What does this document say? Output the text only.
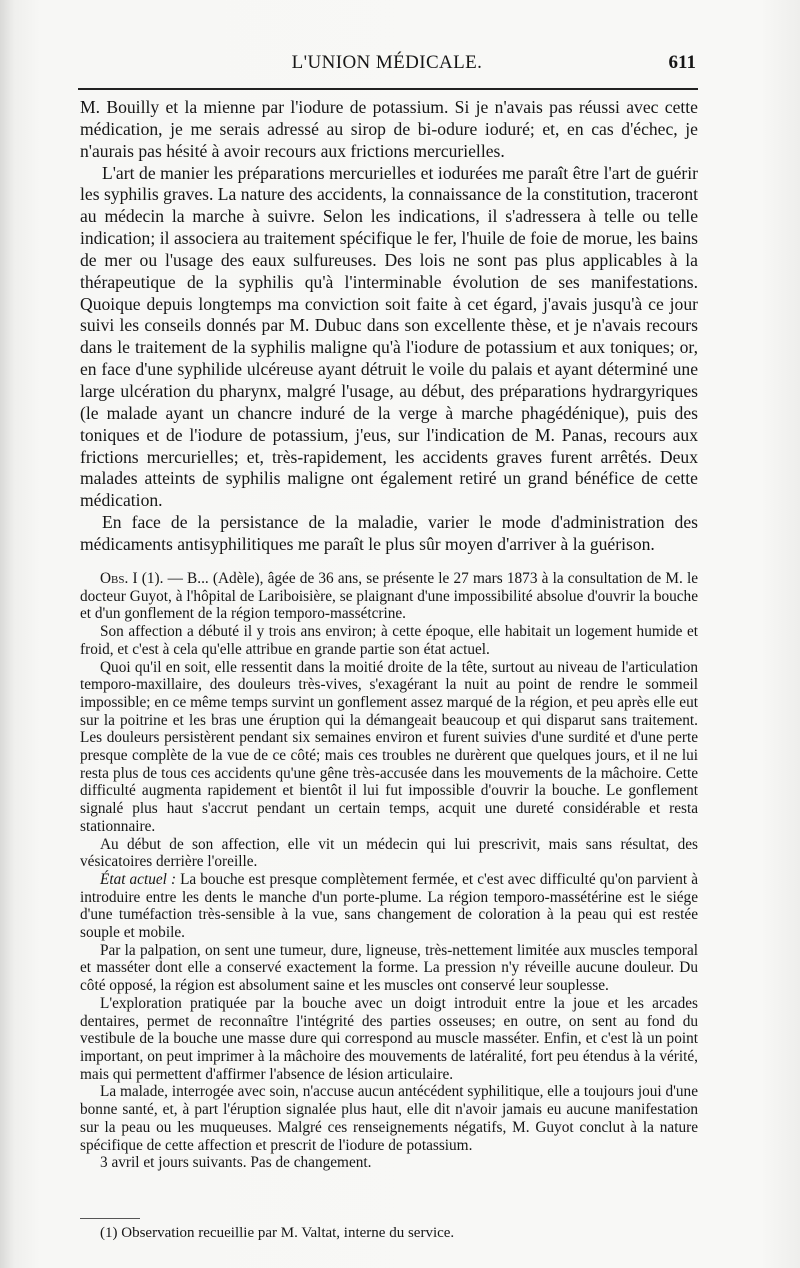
L'UNION MÉDICALE.	611

M. Bouilly et la mienne par l'iodure de potassium. Si je n'avais pas réussi avec cette médication, je me serais adressé au sirop de bi-odure ioduré; et, en cas d'échec, je n'aurais pas hésité à avoir recours aux frictions mercurielles.

L'art de manier les préparations mercurielles et iodurées me paraît être l'art de guérir les syphilis graves. La nature des accidents, la connaissance de la constitution, traceront au médecin la marche à suivre. Selon les indications, il s'adressera à telle ou telle indication; il associera au traitement spécifique le fer, l'huile de foie de morue, les bains de mer ou l'usage des eaux sulfureuses. Des lois ne sont pas plus applicables à la thérapeutique de la syphilis qu'à l'interminable évolution de ses manifestations. Quoique depuis longtemps ma conviction soit faite à cet égard, j'avais jusqu'à ce jour suivi les conseils donnés par M. Dubuc dans son excellente thèse, et je n'avais recours dans le traitement de la syphilis maligne qu'à l'iodure de potassium et aux toniques; or, en face d'une syphilide ulcéreuse ayant détruit le voile du palais et ayant déterminé une large ulcération du pharynx, malgré l'usage, au début, des préparations hydrargyriques (le malade ayant un chancre induré de la verge à marche phagédénique), puis des toniques et de l'iodure de potassium, j'eus, sur l'indication de M. Panas, recours aux frictions mercurielles; et, très-rapidement, les accidents graves furent arrêtés. Deux malades atteints de syphilis maligne ont également retiré un grand bénéfice de cette médication.

En face de la persistance de la maladie, varier le mode d'administration des médicaments antisyphilitiques me paraît le plus sûr moyen d'arriver à la guérison.

Obs. I (1). — B... (Adèle), âgée de 36 ans, se présente le 27 mars 1873 à la consultation de M. le docteur Guyot, à l'hôpital de Lariboisière, se plaignant d'une impossibilité absolue d'ouvrir la bouche et d'un gonflement de la région temporo-massétcrine.

Son affection a débuté il y trois ans environ; à cette époque, elle habitait un logement humide et froid, et c'est à cela qu'elle attribue en grande partie son état actuel.

Quoi qu'il en soit, elle ressentit dans la moitié droite de la tête, surtout au niveau de l'articulation temporo-maxillaire, des douleurs très-vives, s'exagérant la nuit au point de rendre le sommeil impossible; en ce même temps survint un gonflement assez marqué de la région, et peu après elle eut sur la poitrine et les bras une éruption qui la démangeait beaucoup et qui disparut sans traitement. Les douleurs persistèrent pendant six semaines environ et furent suivies d'une surdité et d'une perte presque complète de la vue de ce côté; mais ces troubles ne durèrent que quelques jours, et il ne lui resta plus de tous ces accidents qu'une gêne très-accusée dans les mouvements de la mâchoire. Cette difficulté augmenta rapidement et bientôt il lui fut impossible d'ouvrir la bouche. Le gonflement signalé plus haut s'accrut pendant un certain temps, acquit une dureté considérable et resta stationnaire.

Au début de son affection, elle vit un médecin qui lui prescrivit, mais sans résultat, des vésicatoires derrière l'oreille.

État actuel : La bouche est presque complètement fermée, et c'est avec difficulté qu'on parvient à introduire entre les dents le manche d'un porte-plume. La région temporo-massétérine est le siége d'une tuméfaction très-sensible à la vue, sans changement de coloration à la peau qui est restée souple et mobile.

Par la palpation, on sent une tumeur, dure, ligneuse, très-nettement limitée aux muscles temporal et masséter dont elle a conservé exactement la forme. La pression n'y réveille aucune douleur. Du côté opposé, la région est absolument saine et les muscles ont conservé leur souplesse.

L'exploration pratiquée par la bouche avec un doigt introduit entre la joue et les arcades dentaires, permet de reconnaître l'intégrité des parties osseuses; en outre, on sent au fond du vestibule de la bouche une masse dure qui correspond au muscle masséter. Enfin, et c'est là un point important, on peut imprimer à la mâchoire des mouvements de latéralité, fort peu étendus à la vérité, mais qui permettent d'affirmer l'absence de lésion articulaire.

La malade, interrogée avec soin, n'accuse aucun antécédent syphilitique, elle a toujours joui d'une bonne santé, et, à part l'éruption signalée plus haut, elle dit n'avoir jamais eu aucune manifestation sur la peau ou les muqueuses. Malgré ces renseignements négatifs, M. Guyot conclut à la nature spécifique de cette affection et prescrit de l'iodure de potassium.

3 avril et jours suivants. Pas de changement.

(1) Observation recueillie par M. Valtat, interne du service.
